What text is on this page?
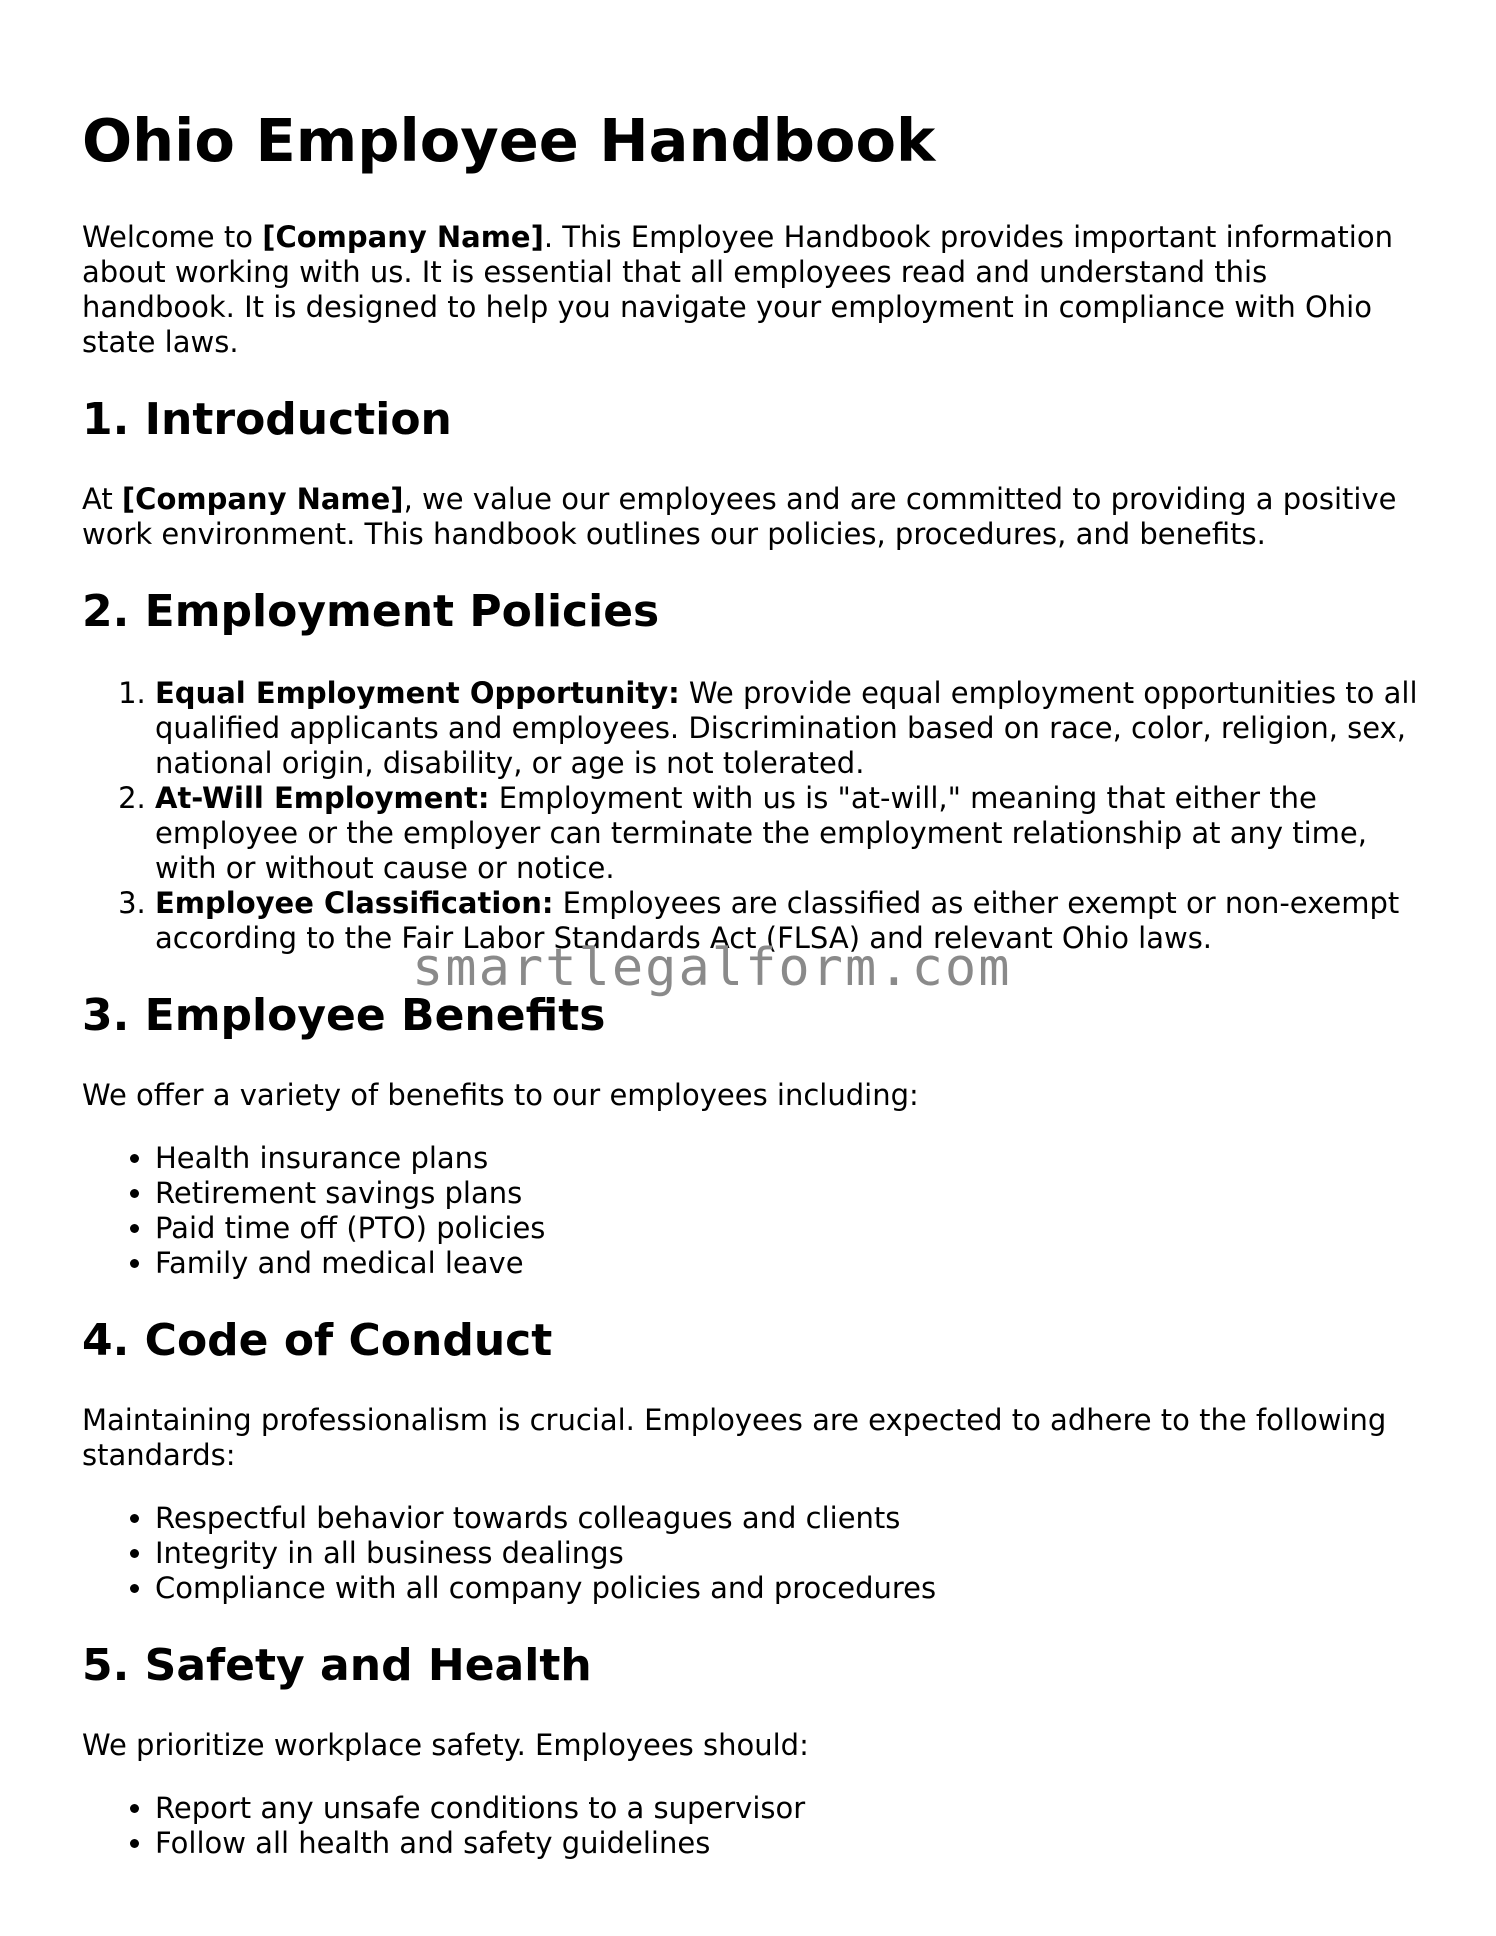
Ohio Employee Handbook

Welcome to [Company Name]. This Employee Handbook provides important information about working with us. It is essential that all employees read and understand this handbook. It is designed to help you navigate your employment in compliance with Ohio state laws.

1. Introduction

At [Company Name], we value our employees and are committed to providing a positive work environment. This handbook outlines our policies, procedures, and benefits.

2. Employment Policies
1. Equal Employment Opportunity: We provide equal employment opportunities to all qualified applicants and employees. Discrimination based on race, color, religion, sex, national origin, disability, or age is not tolerated.
2. At-Will Employment: Employment with us is "at-will," meaning that either the employee or the employer can terminate the employment relationship at any time, with or without cause or notice.
3. Employee Classification: Employees are classified as either exempt or non-exempt according to the Fair Labor Standards Act (FLSA) and relevant Ohio laws.
3. Employee Benefits

We offer a variety of benefits to our employees including:

• Health insurance plans
• Retirement savings plans
• Paid time off (PTO) policies
• Family and medical leave
4. Code of Conduct

Maintaining professionalism is crucial. Employees are expected to adhere to the following standards:

• Respectful behavior towards colleagues and clients
• Integrity in all business dealings
• Compliance with all company policies and procedures
5. Safety and Health

We prioritize workplace safety. Employees should:

• Report any unsafe conditions to a supervisor
• Follow all health and safety guidelines
smartlegalform.com
